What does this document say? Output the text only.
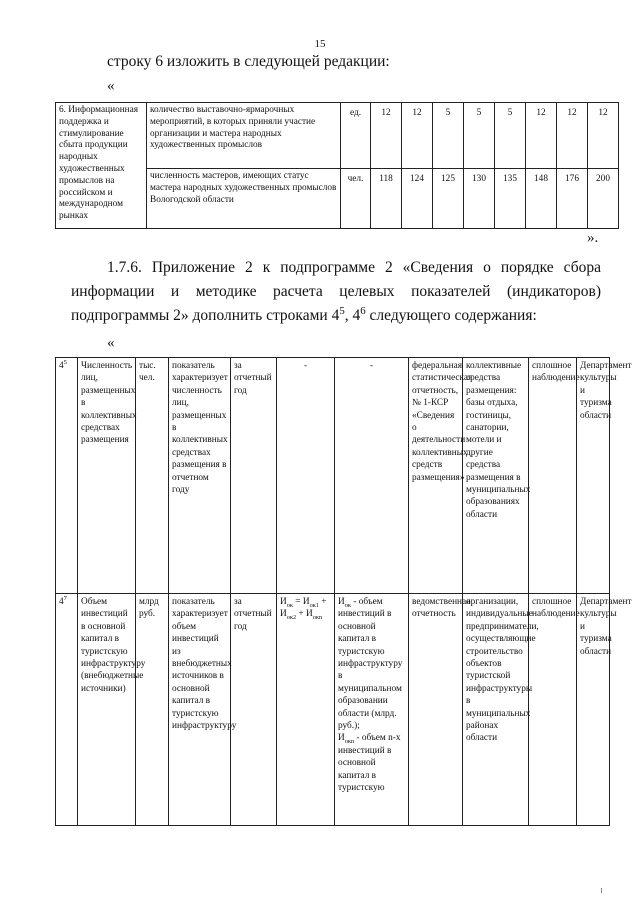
15
строку 6 изложить в следующей редакции:
«
6. Информационная поддержка и стимулирование сбыта продукции народных художественных промыслов на российском и международном рынках	количество выставочно-ярмарочных мероприятий, в которых приняли участие организации и мастера народных художественных промыслов	ед.	12	12	5	5	5	12	12	12
	численность мастеров, имеющих статус мастера народных художественных промыслов Вологодской области	чел.	118	124	125	130	135	148	176	200
».
1.7.6. Приложение 2 к подпрограмме 2 «Сведения о порядке сбора информации и методике расчета целевых показателей (индикаторов) подпрограммы 2» дополнить строками $4^5$, $4^6$ следующего содержания:
«
$4^5$	Численность лиц, размещенных в коллективных средствах размещения	тыс. чел.	показатель характеризует численность лиц, размещенных в коллективных средствах размещения в отчетном году	за отчетный год	-	-	федеральная статистическая отчетность, № 1-КСР «Сведения о деятельности коллективных средств размещения»	коллективные средства размещения: базы отдыха, гостиницы, санатории, мотели и другие средства размещения в муниципальных образованиях области	сплошное наблюдение	Департамент культуры и туризма области
$4^7$	Объем инвестиций в основной капитал в туристскую инфраструктуру (внебюджетные источники)	млрд руб.	показатель характеризует объем инвестиций из внебюджетных источников в основной капитал в туристскую инфраструктуру	за отчетный год	$И_{ок} = И_{ок1} + И_{ок2} + И_{окn}$	$И_{ок}$ - объем инвестиций в основной капитал в туристскую инфраструктуру в муниципальном образовании области (млрд. руб.);
$И_{окn}$ - объем n-х инвестиций в основной капитал в туристскую	ведомственная отчетность	организации, индивидуальные предприниматели, осуществляющие строительство объектов туристской инфраструктуры в муниципальных районах области	сплошное наблюдение	Департамент культуры и туризма области
